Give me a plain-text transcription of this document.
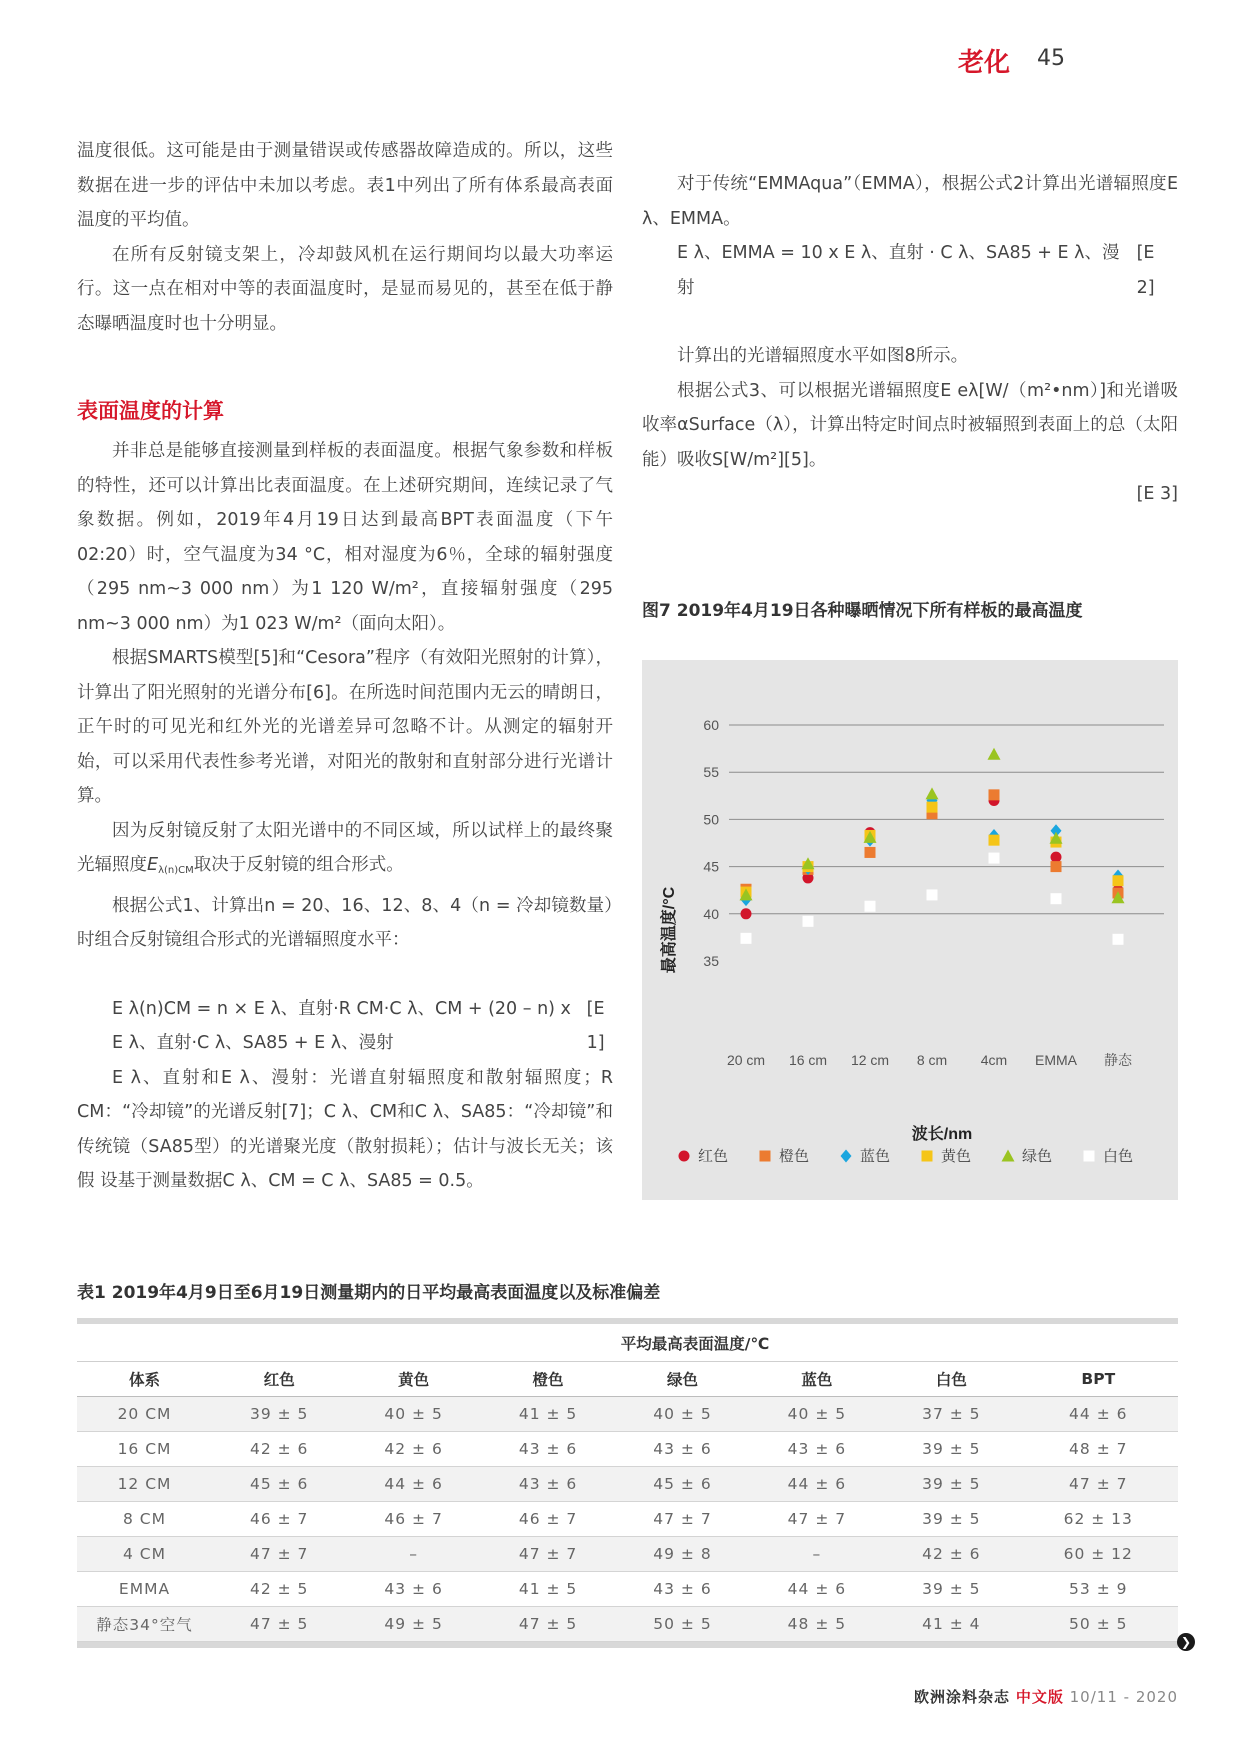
老化 45

温度很低。这可能是由于测量错误或传感器故障造成的。所以，这些数据在进一步的评估中未加以考虑。表1中列出了所有体系最高表面温度的平均值。

在所有反射镜支架上，冷却鼓风机在运行期间均以最大功率运行。这一点在相对中等的表面温度时，是显而易见的，甚至在低于静态曝晒温度时也十分明显。

表面温度的计算

并非总是能够直接测量到样板的表面温度。根据气象参数和样板的特性，还可以计算出比表面温度。在上述研究期间，连续记录了气象数据。例如，2019年4月19日达到最高BPT表面温度（下午02:20）时，空气温度为34 °C，相对湿度为6％，全球的辐射强度（295 nm~3 000 nm）为1 120 W/m²，直接辐射强度（295 nm~3 000 nm）为1 023 W/m²（面向太阳）。

根据SMARTS模型[5]和“Cesora”程序（有效阳光照射的计算），计算出了阳光照射的光谱分布[6]。在所选时间范围内无云的晴朗日，正午时的可见光和红外光的光谱差异可忽略不计。从测定的辐射开始，可以采用代表性参考光谱，对阳光的散射和直射部分进行光谱计算。

因为反射镜反射了太阳光谱中的不同区域，所以试样上的最终聚光辐照度$E_{\lambda(n)CM}$取决于反射镜的组合形式。

根据公式1、计算出n = 20、16、12、8、4（n = 冷却镜数量）时组合反射镜组合形式的光谱辐照度水平：

E λ(n)CM = n × E λ、直射·R CM·C λ、CM + (20 – n) x E λ、直射·C λ、SA85 + E λ、漫射
[E 1]

E λ、直射和E λ、漫射：光谱直射辐照度和散射辐照度；R CM：“冷却镜”的光谱反射[7]；C λ、CM和C λ、SA85：“冷却镜”和传统镜（SA85型）的光谱聚光度（散射损耗）；估计与波长无关；该假 设基于测量数据C λ、CM = C λ、SA85 = 0.5。

对于传统“EMMAqua”（EMMA），根据公式2计算出光谱辐照度E λ、EMMA。

E λ、EMMA = 10 x E λ、直射 · C λ、SA85 + E λ、漫射
[E 2]

计算出的光谱辐照度水平如图8所示。

根据公式3、可以根据光谱辐照度E eλ[W/（m²•nm）]和光谱吸收率αSurface（λ），计算出特定时间点时被辐照到表面上的总（太阳能）吸收S[W/m²][5]。

[E 3]
图7 2019年4月19日各种曝晒情况下所有样板的最高温度
35
40
45
50
55
60
20 cm 16 cm 12 cm 8 cm 4cm EMMA 静态
最高温度/°C
波长/nm
红色	橙色	蓝色	黄色	绿色	白色
表1 2019年4月9日至6月19日测量期内的日平均最高表面温度以及标准偏差
	平均最高表面温度/℃						
体系	红色	黄色	橙色	绿色	蓝色	白色	BPT
20 CM	39 ± 5	40 ± 5	41 ± 5	40 ± 5	40 ± 5	37 ± 5	44 ± 6
16 CM	42 ± 6	42 ± 6	43 ± 6	43 ± 6	43 ± 6	39 ± 5	48 ± 7
12 CM	45 ± 6	44 ± 6	43 ± 6	45 ± 6	44 ± 6	39 ± 5	47 ± 7
8 CM	46 ± 7	46 ± 7	46 ± 7	47 ± 7	47 ± 7	39 ± 5	62 ± 13
4 CM	47 ± 7	–	47 ± 7	49 ± 8	–	42 ± 6	60 ± 12
EMMA	42 ± 5	43 ± 6	41 ± 5	43 ± 6	44 ± 6	39 ± 5	53 ± 9
静态34°空气	47 ± 5	49 ± 5	47 ± 5	50 ± 5	48 ± 5	41 ± 4	50 ± 5
❯
欧洲涂料杂志 中文版 10/11 - 2020
